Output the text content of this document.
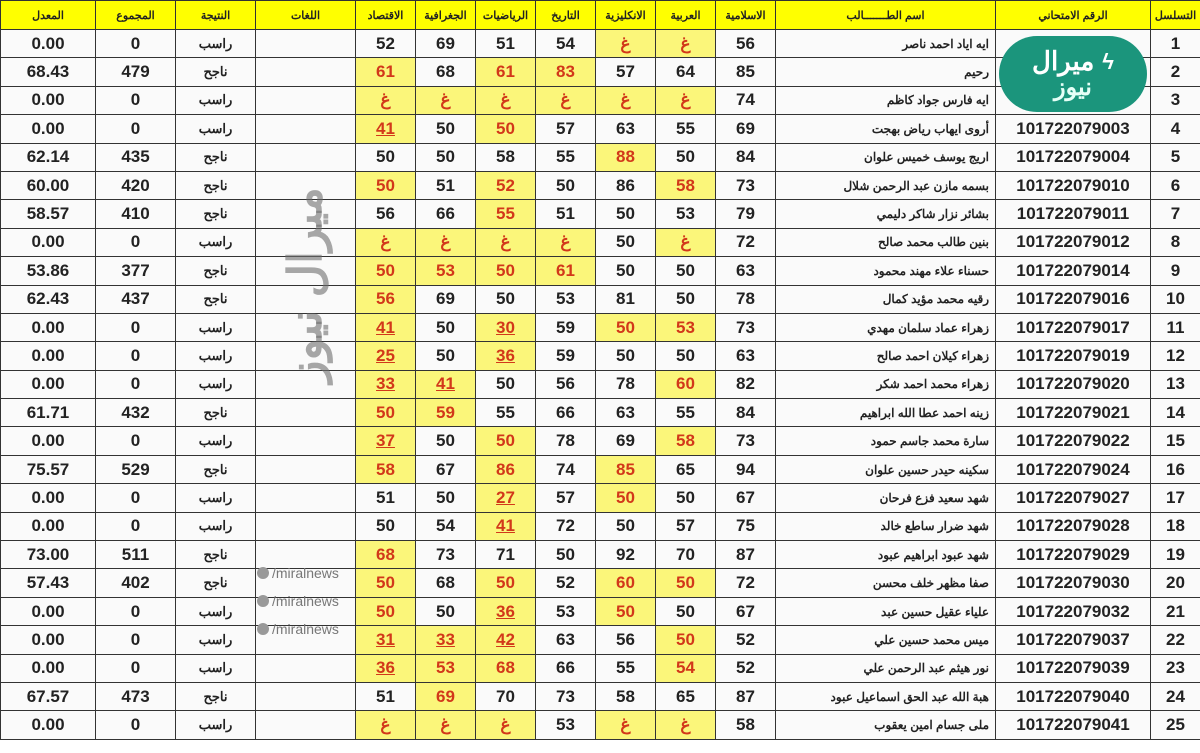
التسلسل	الرقم الامتحاني	اسم الطـــــــالب	الاسلامية	العربية	الانكليزية	التاريخ	الرياضيات	الجغرافية	الاقتصاد	اللغات	النتيجة	المجموع	المعدل
1		ايه اياد احمد ناصر	56	غ	غ	54	51	69	52		راسب	0	0.00
2		رحيم	85	64	57	83	61	68	61		ناجح	479	68.43
3		ايه فارس جواد كاظم	74	غ	غ	غ	غ	غ	غ		راسب	0	0.00
4	101722079003	أروى ايهاب رياض بهجت	69	55	63	57	50	50	41		راسب	0	0.00
5	101722079004	اريج يوسف خميس علوان	84	50	88	55	58	50	50		ناجح	435	62.14
6	101722079010	بسمه مازن عبد الرحمن شلال	73	58	86	50	52	51	50		ناجح	420	60.00
7	101722079011	بشائر نزار شاكر دليمي	79	53	50	51	55	66	56		ناجح	410	58.57
8	101722079012	بنين طالب محمد صالح	72	غ	50	غ	غ	غ	غ		راسب	0	0.00
9	101722079014	حسناء علاء مهند محمود	63	50	50	61	50	53	50		ناجح	377	53.86
10	101722079016	رقيه محمد مؤيد كمال	78	50	81	53	50	69	56		ناجح	437	62.43
11	101722079017	زهراء عماد سلمان مهدي	73	53	50	59	30	50	41		راسب	0	0.00
12	101722079019	زهراء كيلان احمد صالح	63	50	50	59	36	50	25		راسب	0	0.00
13	101722079020	زهراء محمد احمد شكر	82	60	78	56	50	41	33		راسب	0	0.00
14	101722079021	زينه احمد عطا الله ابراهيم	84	55	63	66	55	59	50		ناجح	432	61.71
15	101722079022	سارة محمد جاسم حمود	73	58	69	78	50	50	37		راسب	0	0.00
16	101722079024	سكينه حيدر حسين علوان	94	65	85	74	86	67	58		ناجح	529	75.57
17	101722079027	شهد سعيد فزع فرحان	67	50	50	57	27	50	51		راسب	0	0.00
18	101722079028	شهد ضرار ساطع خالد	75	57	50	72	41	54	50		راسب	0	0.00
19	101722079029	شهد عبود ابراهيم عبود	87	70	92	50	71	73	68		ناجح	511	73.00
20	101722079030	صفا مظهر خلف محسن	72	50	60	52	50	68	50		ناجح	402	57.43
21	101722079032	علياء عقيل حسين عبد	67	50	50	53	36	50	50		راسب	0	0.00
22	101722079037	ميس محمد حسين علي	52	50	56	63	42	33	31		راسب	0	0.00
23	101722079039	نور هيثم عبد الرحمن علي	52	54	55	66	68	53	36		راسب	0	0.00
24	101722079040	هبة الله عبد الحق اسماعيل عبود	87	65	58	73	70	69	51		ناجح	473	67.57
25	101722079041	ملى جسام امين يعقوب	58	غ	غ	53	غ	غ	غ		راسب	0	0.00
ميرال ϟ
نيوز
ميرال نيوز
/miralnews
/miralnews
/miralnews
